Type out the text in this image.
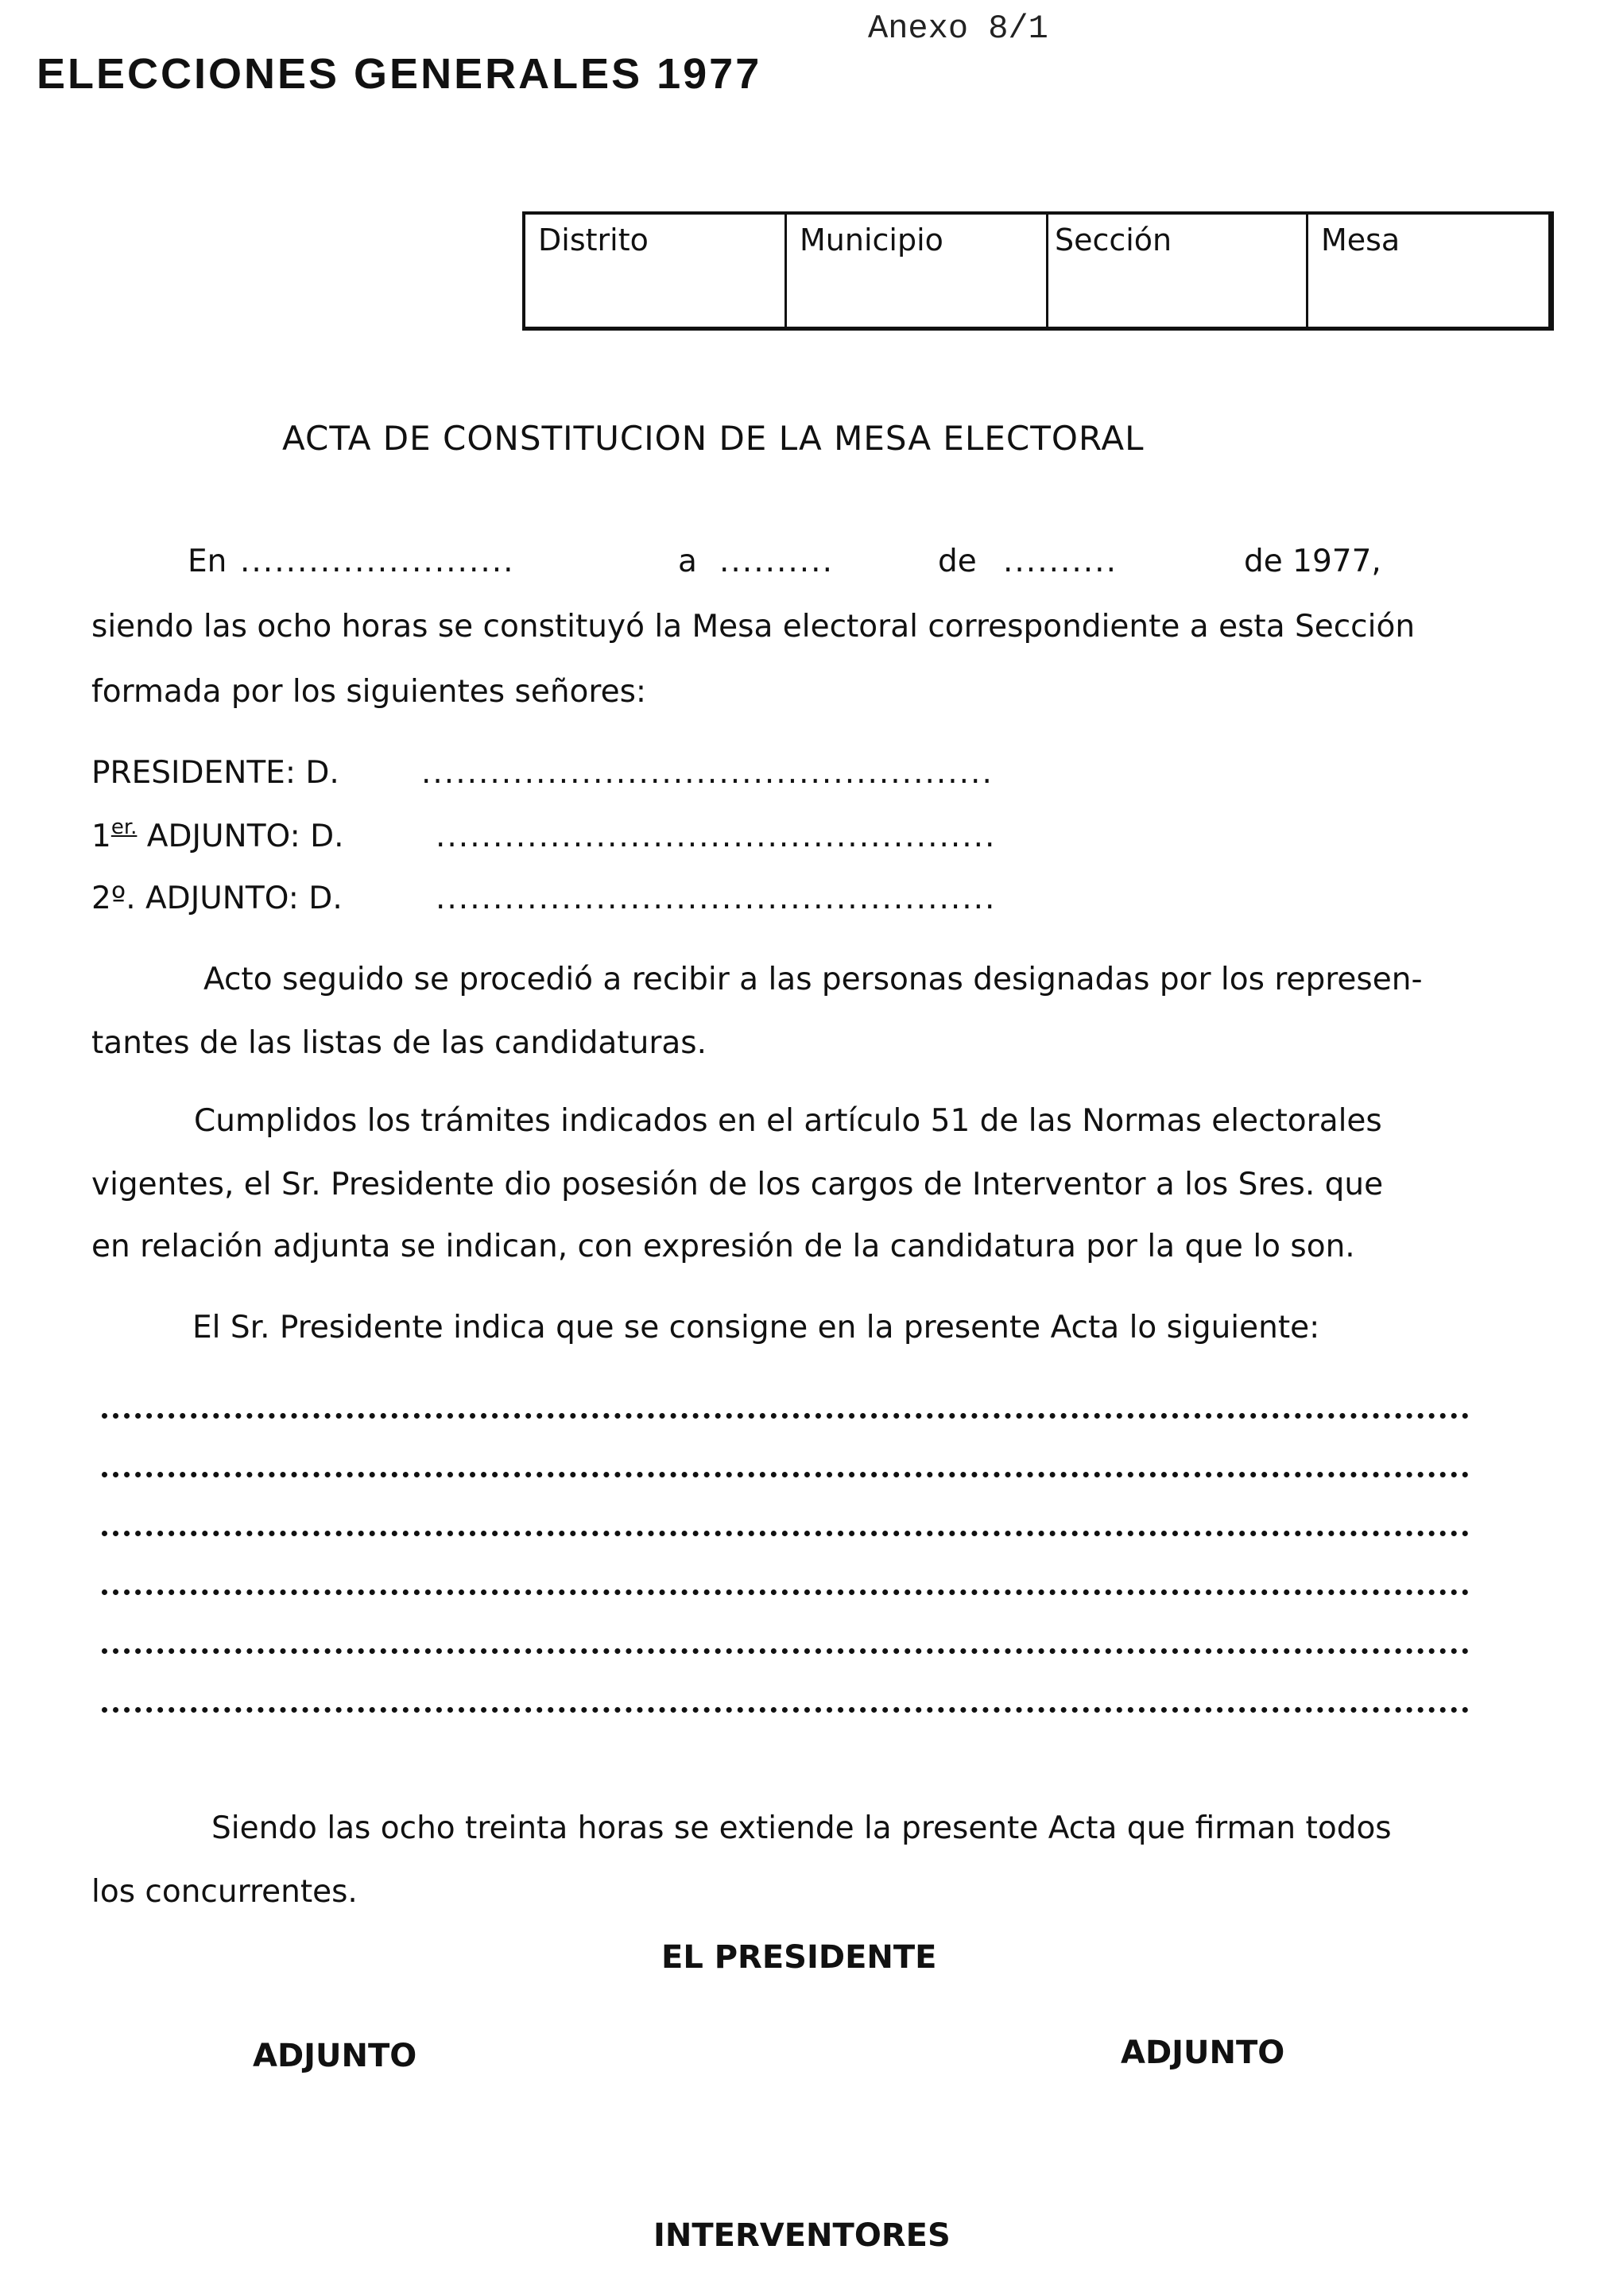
Anexo 8/1
ELECCIONES GENERALES 1977
Distrito	Municipio	Sección	Mesa
ACTA DE CONSTITUCION DE LA MESA ELECTORAL
En ........................	a ..........	de ..........	de 1977,
siendo las ocho horas se constituyó la Mesa electoral correspondiente a esta Sección
formada por los siguientes señores:
PRESIDENTE: D.	..................................................
$1^{er.}$ ADJUNTO: D.	.................................................
2º. ADJUNTO: D.	.................................................
Acto seguido se procedió a recibir a las personas designadas por los represen-
tantes de las listas de las candidaturas.
Cumplidos los trámites indicados en el artículo 51 de las Normas electorales
vigentes, el Sr. Presidente dio posesión de los cargos de Interventor a los Sres. que
en relación adjunta se indican, con expresión de la candidatura por la que lo son.
El Sr. Presidente indica que se consigne en la presente Acta lo siguiente:
Siendo las ocho treinta horas se extiende la presente Acta que firman todos
los concurrentes.
EL PRESIDENTE
ADJUNTO	ADJUNTO
INTERVENTORES
